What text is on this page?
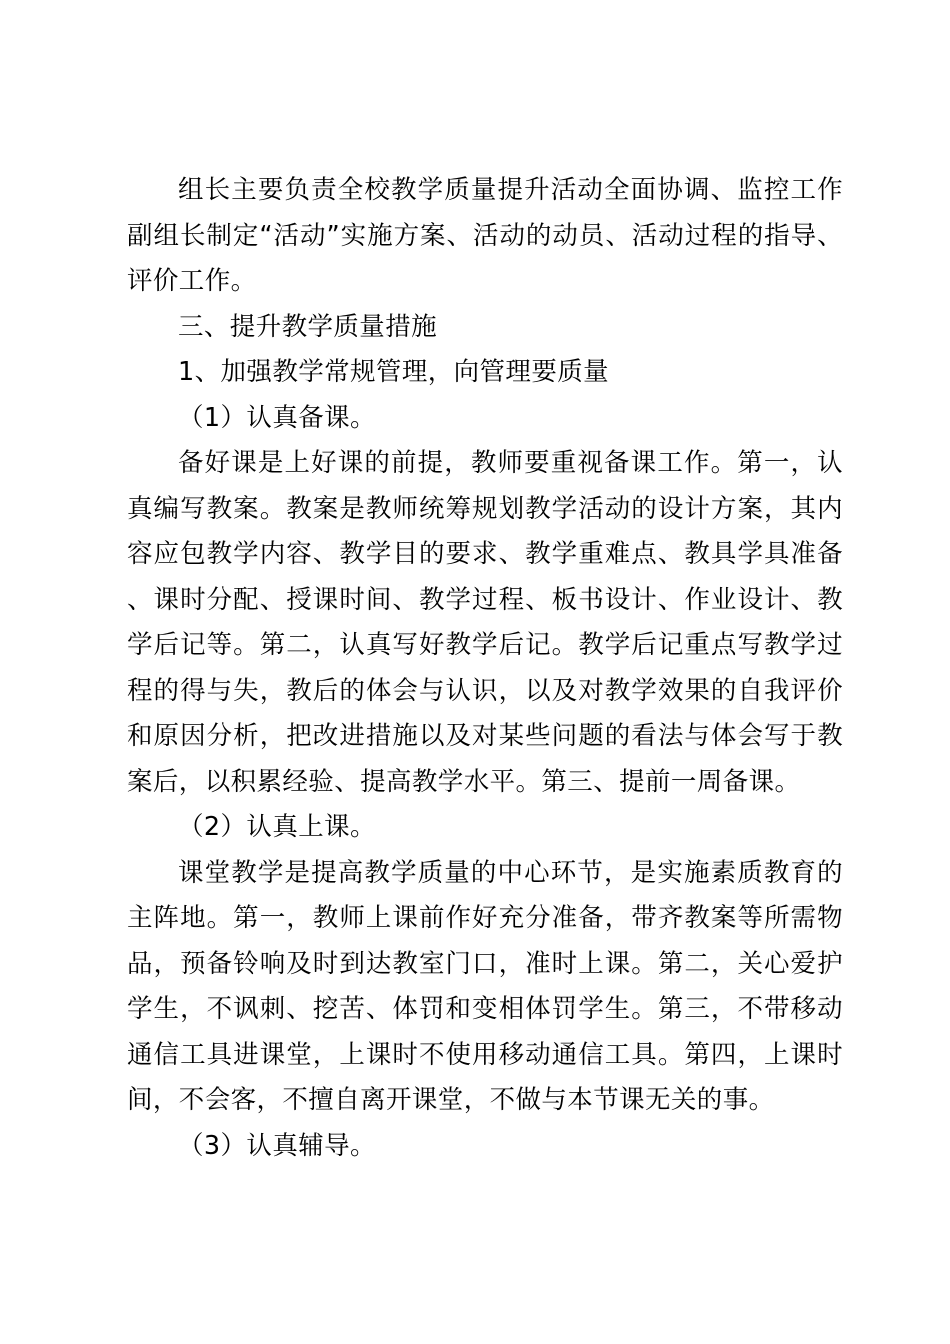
组长主要负责全校教学质量提升活动全面协调、监控工作副组长制定“活动”实施方案、活动的动员、活动过程的指导、评价工作。

三、提升教学质量措施

1、加强教学常规管理，向管理要质量

（1）认真备课。

备好课是上好课的前提，教师要重视备课工作。第一，认真编写教案。教案是教师统筹规划教学活动的设计方案，其内容应包教学内容、教学目的要求、教学重难点、教具学具准备、课时分配、授课时间、教学过程、板书设计、作业设计、教学后记等。第二，认真写好教学后记。教学后记重点写教学过程的得与失，教后的体会与认识，以及对教学效果的自我评价和原因分析，把改进措施以及对某些问题的看法与体会写于教案后，以积累经验、提高教学水平。第三、提前一周备课。

（2）认真上课。

课堂教学是提高教学质量的中心环节，是实施素质教育的主阵地。第一，教师上课前作好充分准备，带齐教案等所需物品，预备铃响及时到达教室门口，准时上课。第二，关心爱护学生，不讽刺、挖苦、体罚和变相体罚学生。第三，不带移动通信工具进课堂，上课时不使用移动通信工具。第四，上课时间，不会客，不擅自离开课堂，不做与本节课无关的事。

（3）认真辅导。
